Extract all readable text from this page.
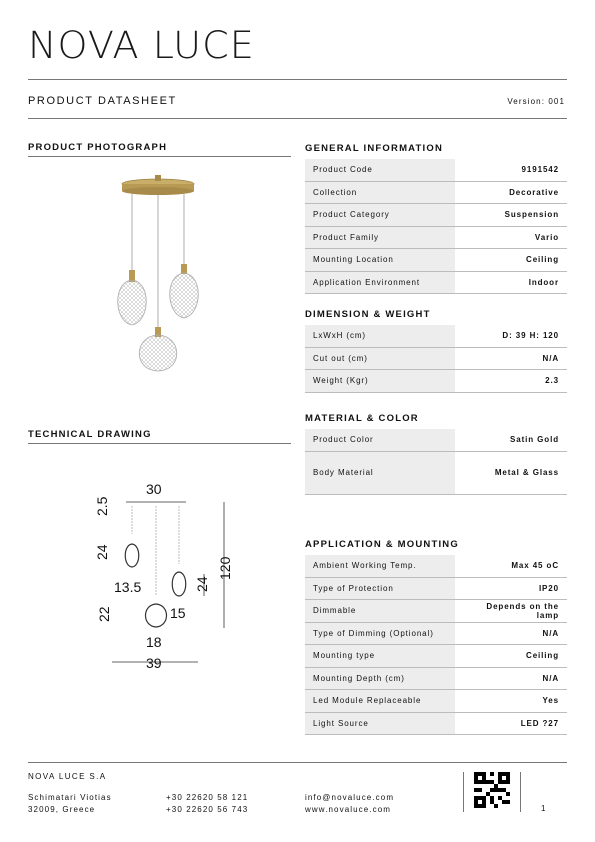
NOVA LUCE
PRODUCT DATASHEET	Version: 001
PRODUCT PHOTOGRAPH
TECHNICAL DRAWING
30
2.5
24
13.5	24
120
22	15
18
39
GENERAL INFORMATION
Product Code	9191542
Collection	Decorative
Product Category	Suspension
Product Family	Vario
Mounting Location	Ceiling
Application Environment	Indoor
DIMENSION & WEIGHT
LxWxH (cm)	D: 39 H: 120
Cut out (cm)	N/A
Weight (Kgr)	2.3
MATERIAL & COLOR
Product Color	Satin Gold
Body Material	Metal & Glass
APPLICATION & MOUNTING
Ambient Working Temp.	Max 45 oC
Type of Protection	IP20
Dimmable	Depends on the lamp
Type of Dimming (Optional)	N/A
Mounting type	Ceiling
Mounting Depth (cm)	N/A
Led Module Replaceable	Yes
Light Source	LED ?27
NOVA LUCE S.A
Schimatari Viotias
32009, Greece
+30 22620 58 121
+30 22620 56 743
info@novaluce.com
www.novaluce.com	1
